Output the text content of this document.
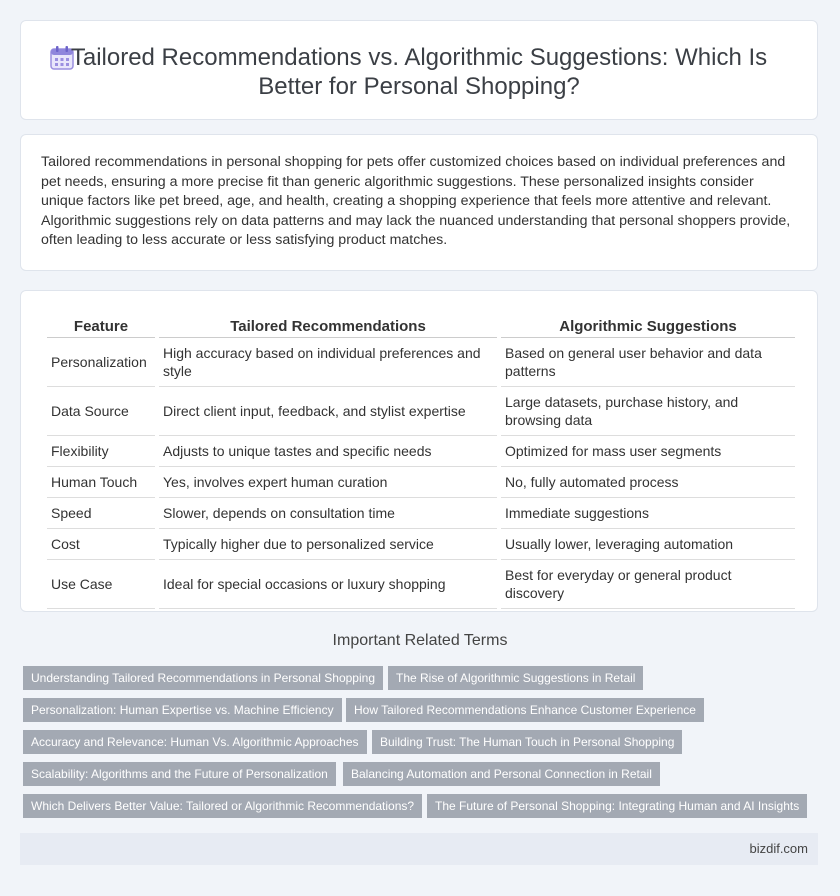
Tailored Recommendations vs. Algorithmic Suggestions: Which Is Better for Personal Shopping?

Tailored recommendations in personal shopping for pets offer customized choices based on individual preferences and pet needs, ensuring a more precise fit than generic algorithmic suggestions. These personalized insights consider unique factors like pet breed, age, and health, creating a shopping experience that feels more attentive and relevant. Algorithmic suggestions rely on data patterns and may lack the nuanced understanding that personal shoppers provide, often leading to less accurate or less satisfying product matches.

Feature	Tailored Recommendations	Algorithmic Suggestions
Personalization	High accuracy based on individual preferences and style	Based on general user behavior and data patterns
Data Source	Direct client input, feedback, and stylist expertise	Large datasets, purchase history, and browsing data
Flexibility	Adjusts to unique tastes and specific needs	Optimized for mass user segments
Human Touch	Yes, involves expert human curation	No, fully automated process
Speed	Slower, depends on consultation time	Immediate suggestions
Cost	Typically higher due to personalized service	Usually lower, leveraging automation
Use Case	Ideal for special occasions or luxury shopping	Best for everyday or general product discovery
Important Related Terms
Understanding Tailored Recommendations in Personal Shopping	The Rise of Algorithmic Suggestions in Retail
Personalization: Human Expertise vs. Machine Efficiency	How Tailored Recommendations Enhance Customer Experience
Accuracy and Relevance: Human Vs. Algorithmic Approaches	Building Trust: The Human Touch in Personal Shopping
Scalability: Algorithms and the Future of Personalization	Balancing Automation and Personal Connection in Retail
Which Delivers Better Value: Tailored or Algorithmic Recommendations?	The Future of Personal Shopping: Integrating Human and AI Insights
bizdif.com
